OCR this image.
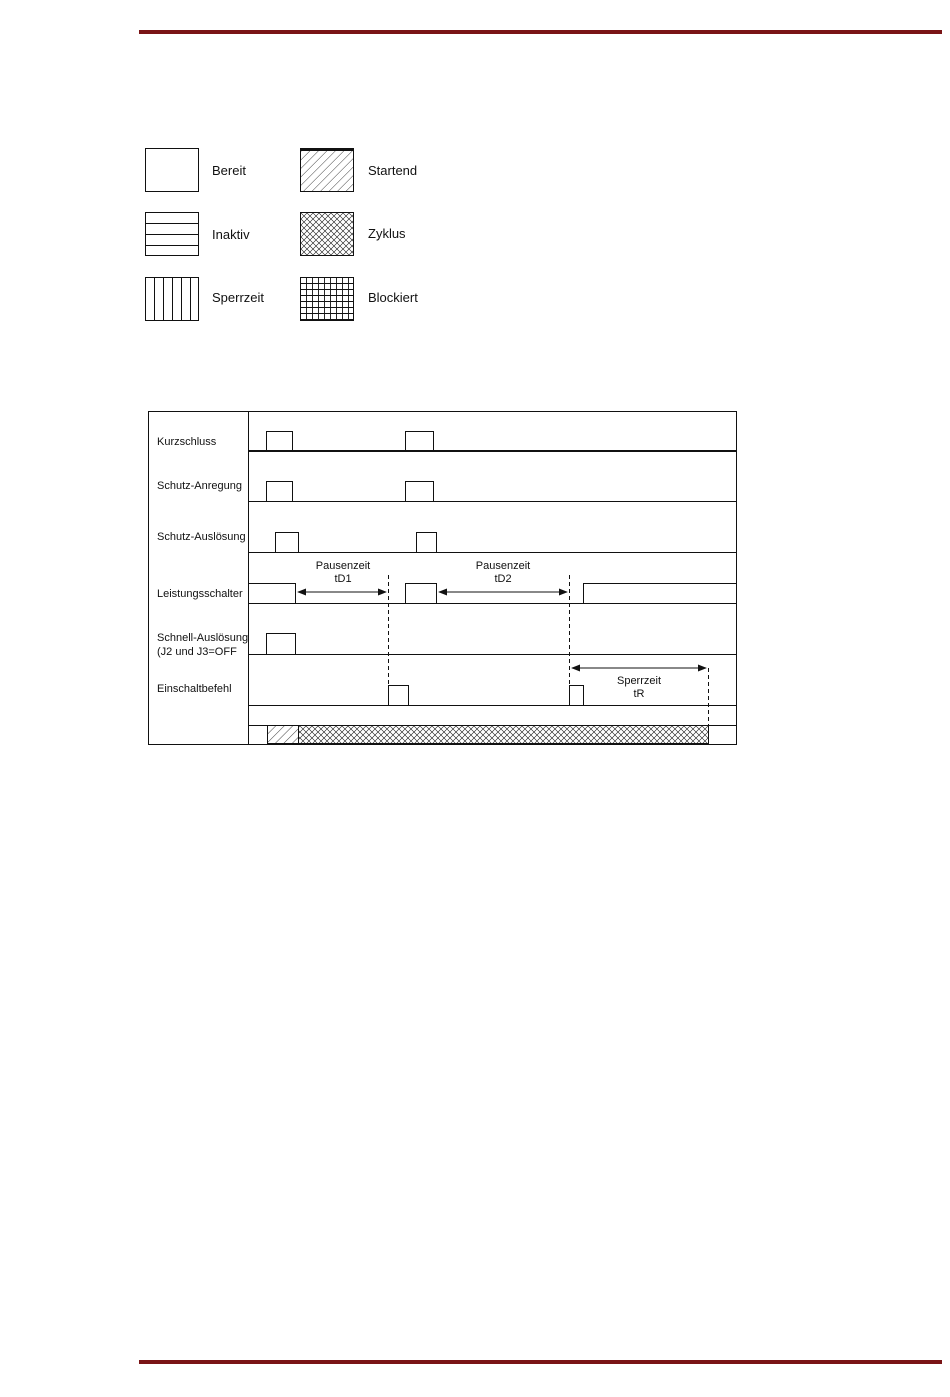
Bereit	Startend
Inaktiv	Zyklus
Sperrzeit	Blockiert
Kurzschluss
Schutz-Anregung
Schutz-Auslösung
Leistungsschalter
Schnell-Auslösung
(J2 und J3=OFF
Einschaltbefehl
Pausenzeit
tD1
Pausenzeit
tD2
Sperrzeit
tR
